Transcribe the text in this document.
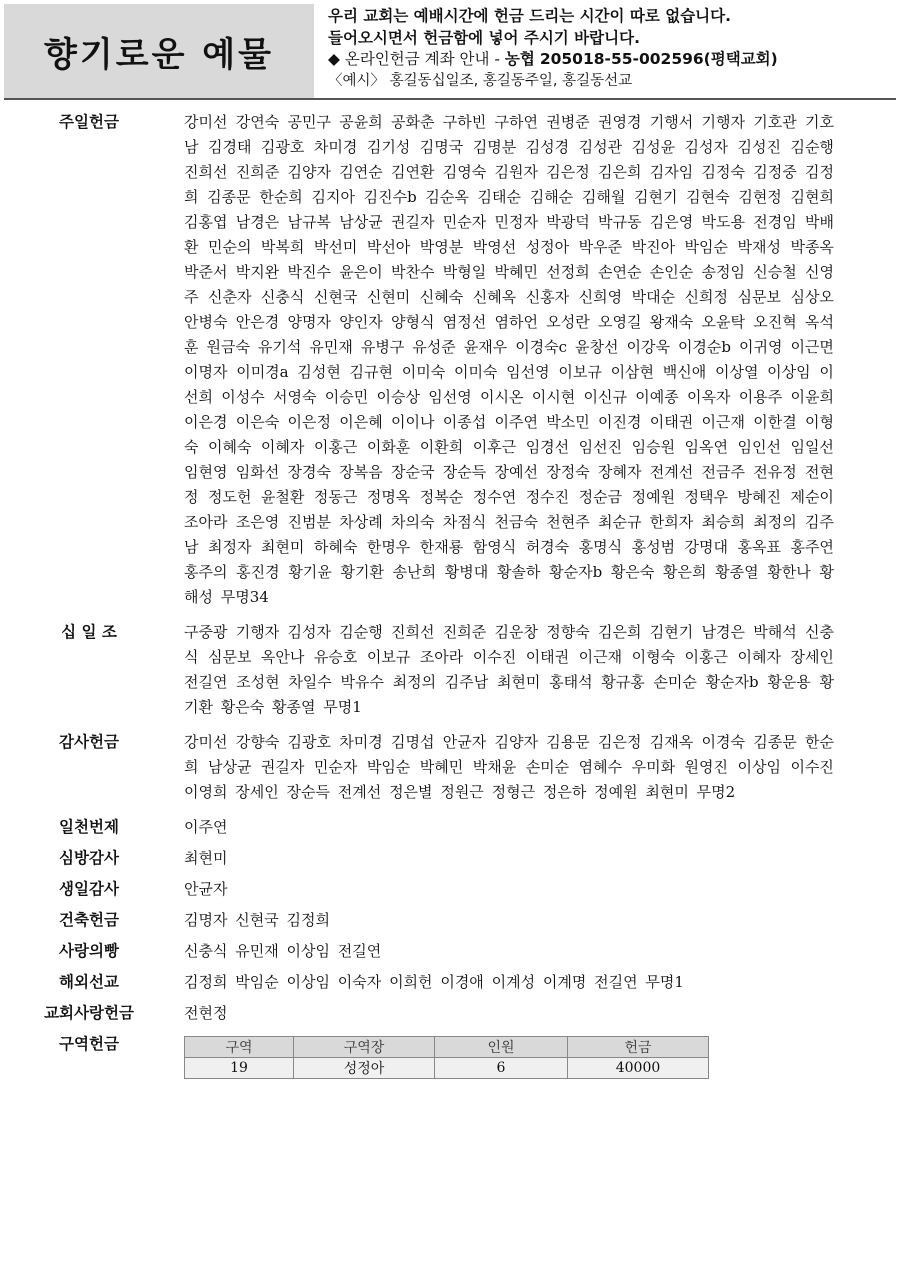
향기로운 예물
우리 교회는 예배시간에 헌금 드리는 시간이 따로 없습니다.
들어오시면서 헌금함에 넣어 주시기 바랍니다.
◆ 온라인헌금 계좌 안내 - 농협 205018-55-002596(평택교회)
〈예시〉 홍길동십일조, 홍길동주일, 홍길동선교
주일헌금	강미선 강연숙 공민구 공윤희 공화춘 구하빈 구하연 권병준 권영경 기행서 기행자 기호관 기호남 김경태 김광호 차미경 김기성 김명국 김명분 김성경 김성관 김성윤 김성자 김성진 김순행진희선 진희준 김양자 김연순 김연환 김영숙 김원자 김은정 김은희 김자임 김정숙 김정중 김정희 김종문 한순희 김지아 김진수b 김순옥 김태순 김해순 김해월 김현기 김현숙 김현정 김현희김홍엽 남경은 남규복 남상균 권길자 민순자 민정자 박광덕 박규동 김은영 박도용 전경임 박배환 민순의 박복희 박선미 박선아 박영분 박영선 성정아 박우준 박진아 박임순 박재성 박종옥박준서 박지완 박진수 윤은이 박찬수 박형일 박혜민 선정희 손연순 손인순 송정임 신승철 신영주 신춘자 신충식 신현국 신현미 신혜숙 신혜옥 신홍자 신희영 박대순 신희정 심문보 심상오안병숙 안은경 양명자 양인자 양형식 염정선 염하언 오성란 오영길 왕재숙 오윤탁 오진혁 옥석훈 원금숙 유기석 유민재 유병구 유성준 윤재우 이경숙c 윤창선 이강욱 이경순b 이귀영 이근면이명자 이미경a 김성현 김규현 이미숙 이미숙 임선영 이보규 이삼현 백신애 이상열 이상임 이선희 이성수 서영숙 이승민 이승상 임선영 이시온 이시현 이신규 이예종 이옥자 이용주 이윤희이은경 이은숙 이은정 이은혜 이이나 이종섭 이주연 박소민 이진경 이태권 이근재 이한결 이형숙 이혜숙 이혜자 이홍근 이화훈 이환희 이후근 임경선 임선진 임승원 임옥연 임인선 임일선임현영 임화선 장경숙 장복음 장순국 장순득 장예선 장정숙 장혜자 전계선 전금주 전유정 전현정 정도헌 윤철환 정동근 정명옥 정복순 정수연 정수진 정순금 정예원 정택우 방혜진 제순이조아라 조은영 진범분 차상례 차의숙 차점식 천금숙 천현주 최순규 한희자 최승희 최정의 김주남 최정자 최현미 하혜숙 한명우 한재룡 함영식 허경숙 홍명식 홍성범 강명대 홍옥표 홍주연홍주의 홍진경 황기윤 황기환 송난희 황병대 황솔하 황순자b 황은숙 황은희 황종열 황한나 황해성 무명34
십 일 조	구중광 기행자 김성자 김순행 진희선 진희준 김운창 정향숙 김은희 김현기 남경은 박해석 신충식 심문보 옥안나 유승호 이보규 조아라 이수진 이태권 이근재 이형숙 이홍근 이혜자 장세인전길연 조성현 차일수 박유수 최정의 김주남 최현미 홍태석 황규홍 손미순 황순자b 황운용 황기환 황은숙 황종열 무명1
감사헌금	강미선 강향숙 김광호 차미경 김명섭 안균자 김양자 김용문 김은정 김재옥 이경숙 김종문 한순희 남상균 권길자 민순자 박임순 박혜민 박채윤 손미순 염혜수 우미화 원영진 이상임 이수진이영희 장세인 장순득 전계선 정은별 정원근 정형근 정은하 정예원 최현미 무명2
일천번제	이주연
심방감사	최현미
생일감사	안균자
건축헌금	김명자 신현국 김정희
사랑의빵	신충식 유민재 이상임 전길연
해외선교	김정희 박임순 이상임 이숙자 이희헌 이경애 이계성 이계명 전길연 무명1
교회사랑헌금	전현정
구역헌금	구역	구역장	인원	헌금
19	성정아	6	40000
